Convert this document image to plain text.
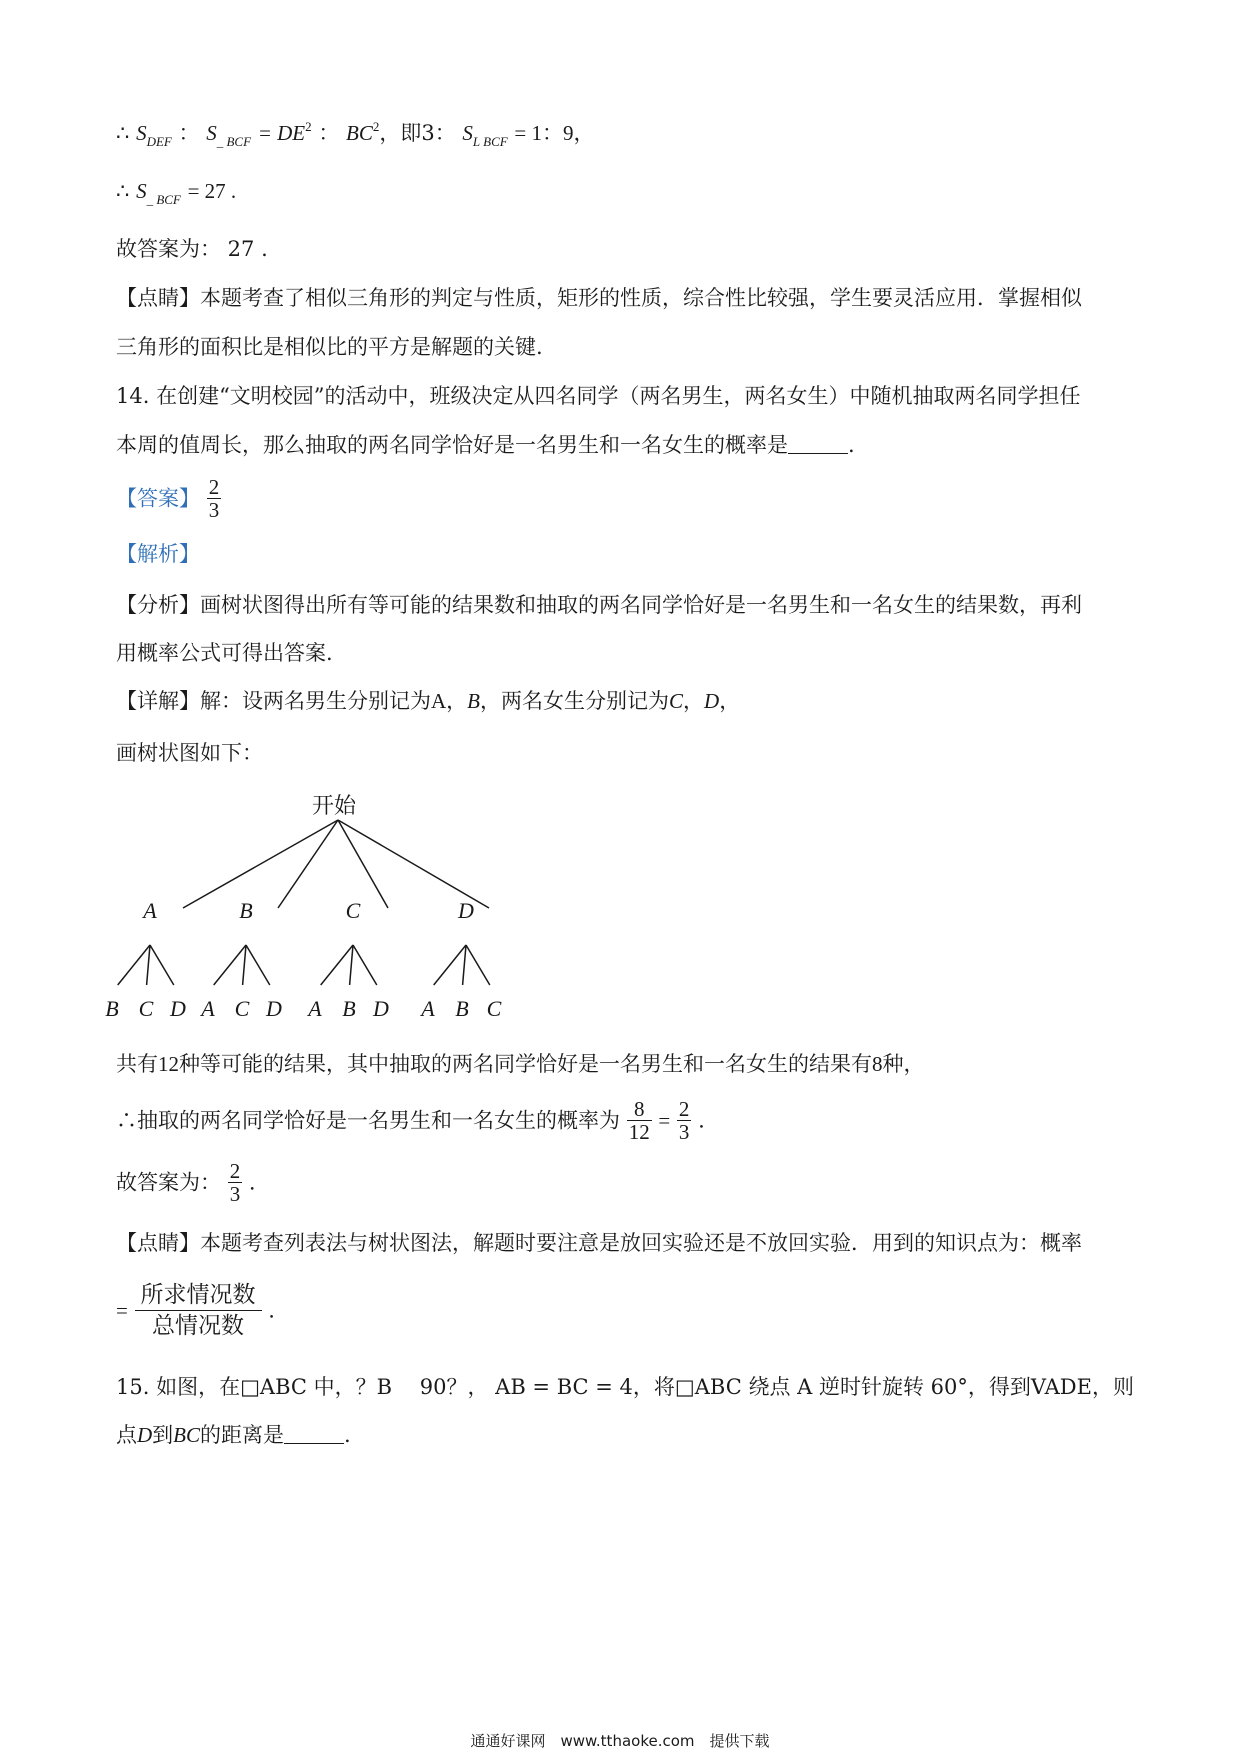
∴ $S_{DEF}$ ： $S_{\_ BCF} = DE^2$ ： $BC^2$，即3： $S_{L BCF} = 1$：9，
∴ $S_{\_ BCF} = 27$ .
故答案为： 27 .
【点睛】本题考查了相似三角形的判定与性质，矩形的性质，综合性比较强，学生要灵活应用．掌握相似
三角形的面积比是相似比的平方是解题的关键.
14. 在创建“文明校园”的活动中，班级决定从四名同学（两名男生，两名女生）中随机抽取两名同学担任
本周的值周长，那么抽取的两名同学恰好是一名男生和一名女生的概率是	.
【答案】 $\frac{2}{3}$
【解析】
【分析】画树状图得出所有等可能的结果数和抽取的两名同学恰好是一名男生和一名女生的结果数，再利
用概率公式可得出答案.
【详解】解：设两名男生分别记为A，B，两名女生分别记为C，D，
画树状图如下：
开始
A	B	C	D
B C D A C D A B D A B C
共有12种等可能的结果，其中抽取的两名同学恰好是一名男生和一名女生的结果有8种，
∴抽取的两名同学恰好是一名男生和一名女生的概率为 $\frac{8}{12} = \frac{2}{3}$ .
故答案为： $\frac{2}{3}$ .
【点睛】本题考查列表法与树状图法，解题时要注意是放回实验还是不放回实验．用到的知识点为：概率
= $\frac{\text{所求情况数}}{\text{总情况数}}$ .
15. 如图，在□ABC 中，？B　 90？， AB = BC = 4，将□ABC 绕点 A 逆时针旋转 60°，得到VADE，则
点D到BC的距离是	.
通通好课网　www.tthaoke.com　提供下载
